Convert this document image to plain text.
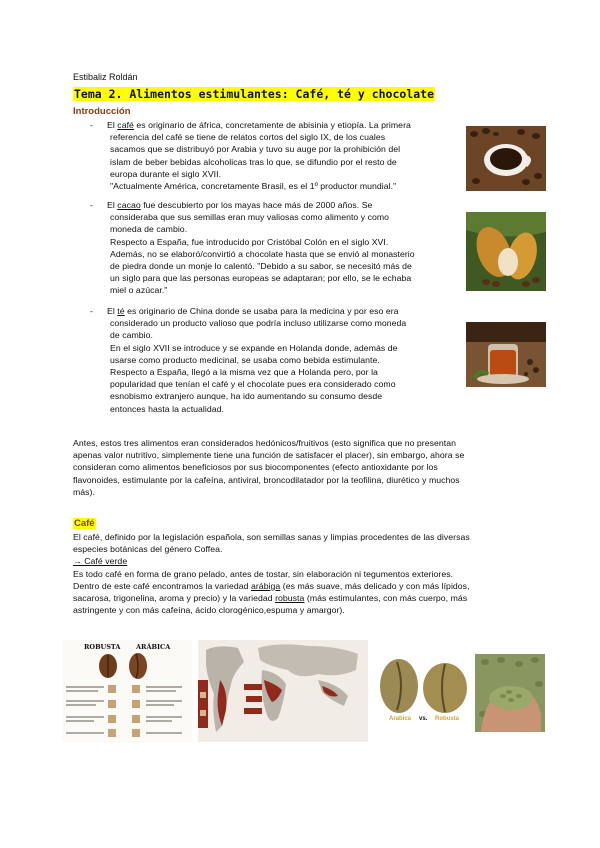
Estibaliz Roldán
Tema 2. Alimentos estimulantes: Café, té y chocolate
Introducción
- El café es originario de áfrica, concretamente de abisinia y etiopía. La primera
referencia del café se tiene de relatos cortos del siglo IX, de los cuales
sacamos que se distribuyó por Arabia y tuvo su auge por la prohibición del
islam de beber bebidas alcoholicas tras lo que, se difundio por el resto de
europa durante el siglo XVII.
"Actualmente América, concretamente Brasil, es el 1º productor mundial."
- El cacao fue descubierto por los mayas hace más de 2000 años. Se
consideraba que sus semillas eran muy valiosas como alimento y como
moneda de cambio.
Respecto a España, fue introducido por Cristóbal Colón en el siglo XVI.
Además, no se elaboró/convirtió a chocolate hasta que se envió al monasterio
de piedra donde un monje lo calentó. "Debido a su sabor, se necesitó más de
un siglo para que las personas europeas se adaptaran; por ello, se le echaba
miel o azúcar."
- El té es originario de China donde se usaba para la medicina y por eso era
considerado un producto valioso que podría incluso utilizarse como moneda
de cambio.
En el siglo XVII se introduce y se expande en Holanda donde, además de
usarse como producto medicinal, se usaba como bebida estimulante.
Respecto a España, llegó a la misma vez que a Holanda pero, por la
popularidad que tenían el café y el chocolate pues era considerado como
esnobismo extranjero aunque, ha ido aumentando su consumo desde
entonces hasta la actualidad.
Antes, estos tres alimentos eran considerados hedónicos/fruitivos (esto significa que no presentan
apenas valor nutritivo, simplemente tiene una función de satisfacer el placer), sin embargo, ahora se
consideran como alimentos beneficiosos por sus biocomponentes (efecto antioxidante por los
flavonoides, estimulante por la cafeína, antiviral, broncodilatador por la teofilina, diurético y muchos
más).
Café
El café, definido por la legislación española, son semillas sanas y limpias procedentes de las diversas
especies botánicas del género Coffea.
→ Café verde
Es todo café en forma de grano pelado, antes de tostar, sin elaboración ni tegumentos exteriores.
Dentro de este café encontramos la variedad arábiga (es más suave, más delicado y con más lípidos,
sacarosa, trigonelina, aroma y precio) y la variedad robusta (más estimulantes, con más cuerpo, más
astringente y con más cafeína, ácido clorogénico,espuma y amargor).
ROBUSTA ARÁBICA
Arabica vs. Robusta
